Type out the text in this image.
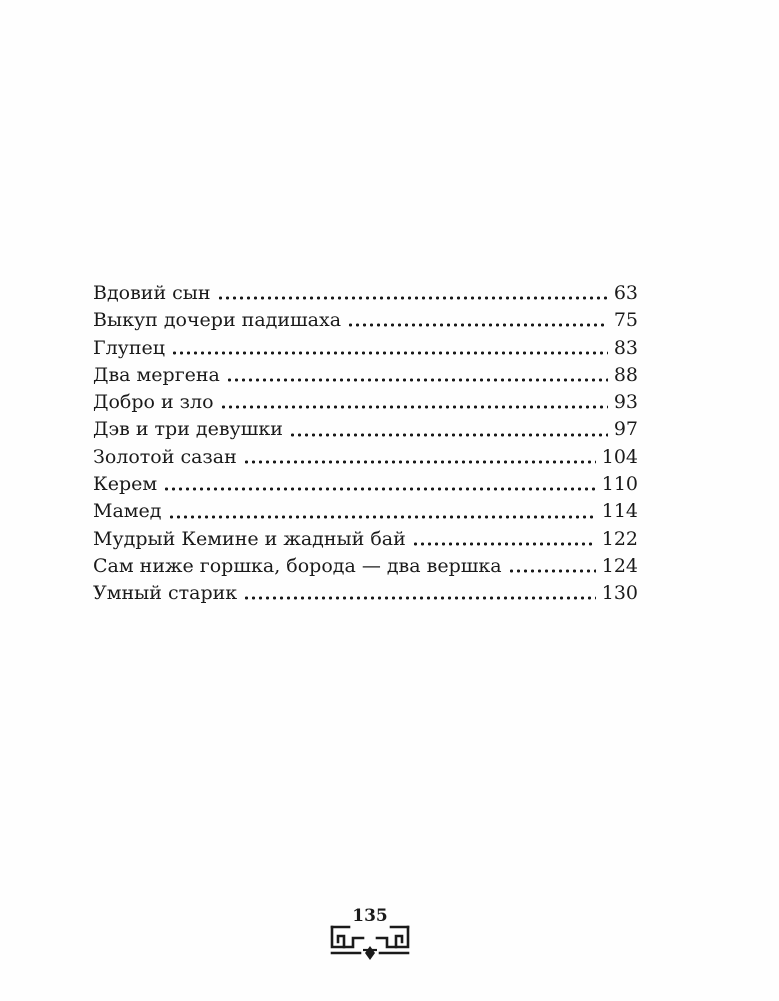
Вдовий сын	63
Выкуп дочери падишаха	75
Глупец	83
Два мергена	88
Добро и зло	93
Дэв и три девушки	97
Золотой сазан	104
Керем	110
Мамед	114
Мудрый Кемине и жадный бай	122
Сам ниже горшка, борода — два вершка	124
Умный старик	130
135
